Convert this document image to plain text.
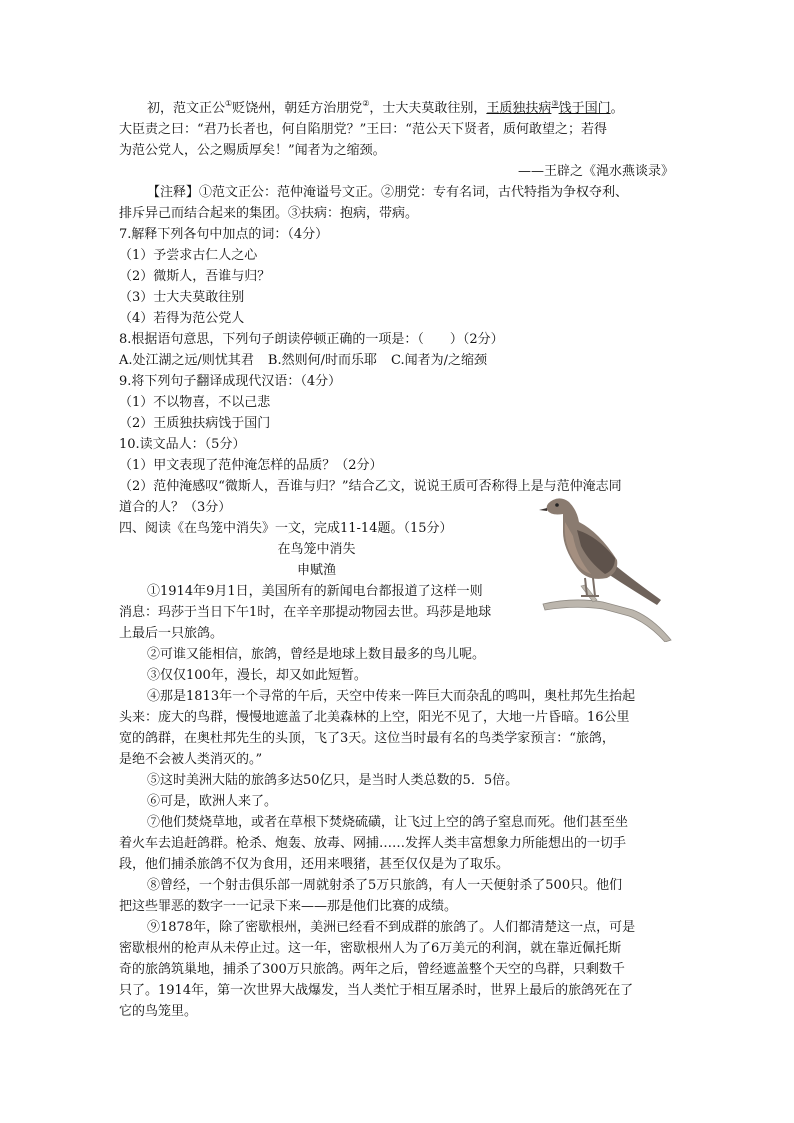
初，范文正公①贬饶州，朝廷方治朋党②，士大夫莫敢往别，王质独扶病③饯于国门。
大臣责之曰：“君乃长者也，何自陷朋党？”王曰：“范公天下贤者，质何敢望之；若得
为范公党人，公之赐质厚矣！”闻者为之缩颈。
——王辟之《渑水燕谈录》
【注释】①范文正公：范仲淹谥号文正。②朋党：专有名词，古代特指为争权夺利、
排斥异己而结合起来的集团。③扶病：抱病，带病。
7.解释下列各句中加点的词：（4分）
（1）予尝求古仁人之心
（2）微斯人，吾谁与归？
（3）士大夫莫敢往别
（4）若得为范公党人
8.根据语句意思，下列句子朗读停顿正确的一项是：（　　）（2分）
A.处江湖之远/则忧其君 B.然则何/时而乐耶 C.闻者为/之缩颈
9.将下列句子翻译成现代汉语：（4分）
（1）不以物喜，不以己悲
（2）王质独扶病饯于国门
10.读文品人：（5分）
（1）甲文表现了范仲淹怎样的品质？（2分）
（2）范仲淹感叹“微斯人，吾谁与归？”结合乙文，说说王质可否称得上是与范仲淹志同
道合的人？（3分）
四、阅读《在鸟笼中消失》一文，完成11-14题。（15分）
在鸟笼中消失
申赋渔
①1914年9月1日，美国所有的新闻电台都报道了这样一则
消息：玛莎于当日下午1时，在辛辛那提动物园去世。玛莎是地球
上最后一只旅鸽。
②可谁又能相信，旅鸽，曾经是地球上数目最多的鸟儿呢。
③仅仅100年，漫长，却又如此短暂。
④那是1813年一个寻常的午后，天空中传来一阵巨大而杂乱的鸣叫，奥杜邦先生抬起
头来：庞大的鸟群，慢慢地遮盖了北美森林的上空，阳光不见了，大地一片昏暗。16公里
宽的鸽群，在奥杜邦先生的头顶，飞了3天。这位当时最有名的鸟类学家预言：“旅鸽，
是绝不会被人类消灭的。”
⑤这时美洲大陆的旅鸽多达50亿只，是当时人类总数的5．5倍。
⑥可是，欧洲人来了。
⑦他们焚烧草地，或者在草根下焚烧硫磺，让飞过上空的鸽子窒息而死。他们甚至坐
着火车去追赶鸽群。枪杀、炮轰、放毒、网捕……发挥人类丰富想象力所能想出的一切手
段，他们捕杀旅鸽不仅为食用，还用来喂猪，甚至仅仅是为了取乐。
⑧曾经，一个射击俱乐部一周就射杀了5万只旅鸽，有人一天便射杀了500只。他们
把这些罪恶的数字一一记录下来——那是他们比赛的成绩。
⑨1878年，除了密歇根州，美洲已经看不到成群的旅鸽了。人们都清楚这一点，可是
密歇根州的枪声从未停止过。这一年，密歇根州人为了6万美元的利润，就在靠近佩托斯
奇的旅鸽筑巢地，捕杀了300万只旅鸽。两年之后，曾经遮盖整个天空的鸟群，只剩数千
只了。1914年，第一次世界大战爆发，当人类忙于相互屠杀时，世界上最后的旅鸽死在了
它的鸟笼里。
